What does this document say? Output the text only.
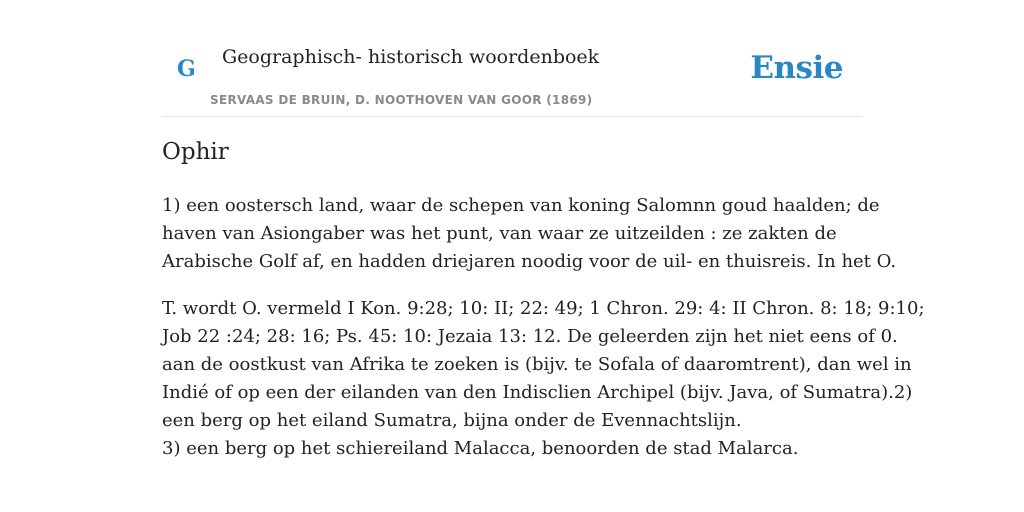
G Geographisch- historisch woordenboek
SERVAAS DE BRUIN, D. NOOTHOVEN VAN GOOR (1869)
Ensie
Ophir
1) een oostersch land, waar de schepen van koning Salomnn goud haalden; de
haven van Asiongaber was het punt, van waar ze uitzeilden : ze zakten de
Arabische Golf af, en hadden driejaren noodig voor de uil- en thuisreis. In het O.
T. wordt O. vermeld I Kon. 9:28; 10: II; 22: 49; 1 Chron. 29: 4: II Chron. 8: 18; 9:10;
Job 22 :24; 28: 16; Ps. 45: 10: Jezaia 13: 12. De geleerden zijn het niet eens of 0.
aan de oostkust van Afrika te zoeken is (bijv. te Sofala of daaromtrent), dan wel in
Indié of op een der eilanden van den Indisclien Archipel (bijv. Java, of Sumatra).2)
een berg op het eiland Sumatra, bijna onder de Evennachtslijn.
3) een berg op het schiereiland Malacca, benoorden de stad Malarca.
